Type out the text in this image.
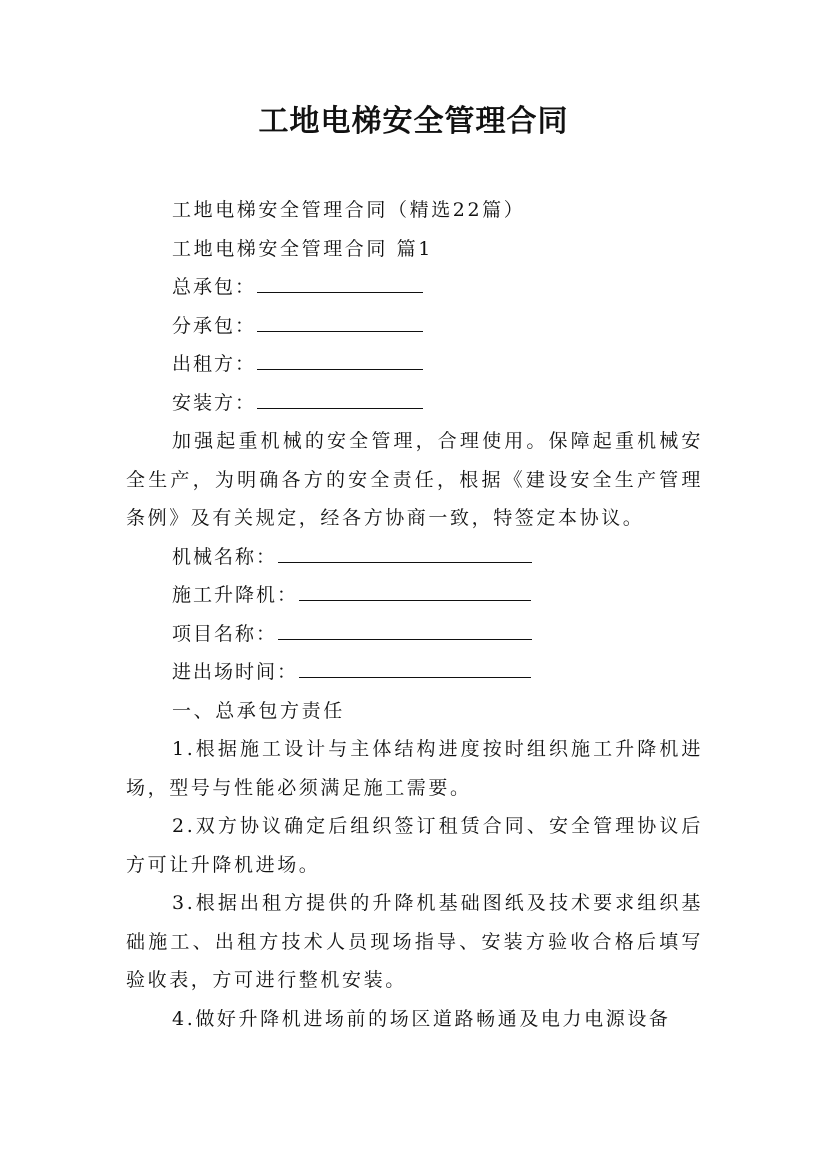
工地电梯安全管理合同

工地电梯安全管理合同（精选22篇）

工地电梯安全管理合同 篇1

总承包：

分承包：

出租方：

安装方：

加强起重机械的安全管理，合理使用。保障起重机械安全生产，为明确各方的安全责任，根据《建设安全生产管理条例》及有关规定，经各方协商一致，特签定本协议。

机械名称：

施工升降机：

项目名称：

进出场时间：

一、总承包方责任

1.根据施工设计与主体结构进度按时组织施工升降机进场，型号与性能必须满足施工需要。

2.双方协议确定后组织签订租赁合同、安全管理协议后方可让升降机进场。

3.根据出租方提供的升降机基础图纸及技术要求组织基础施工、出租方技术人员现场指导、安装方验收合格后填写验收表，方可进行整机安装。

4.做好升降机进场前的场区道路畅通及电力电源设备
